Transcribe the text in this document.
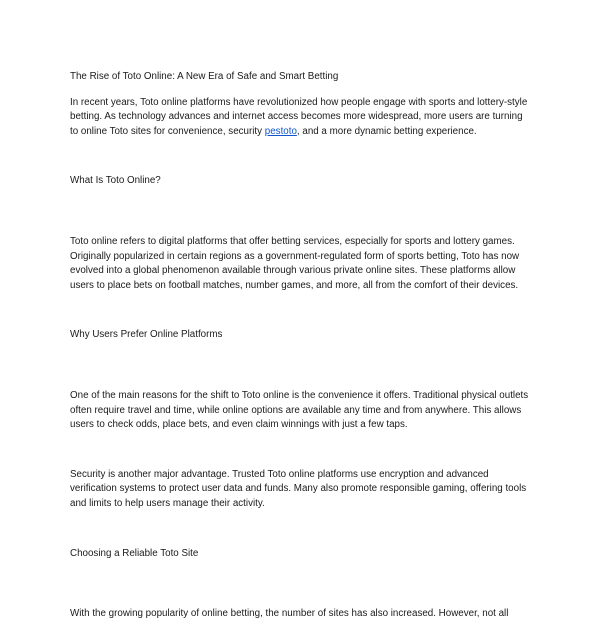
The Rise of Toto Online: A New Era of Safe and Smart Betting

In recent years, Toto online platforms have revolutionized how people engage with sports and lottery-style betting. As technology advances and internet access becomes more widespread, more users are turning to online Toto sites for convenience, security pestoto, and a more dynamic betting experience.

What Is Toto Online?

Toto online refers to digital platforms that offer betting services, especially for sports and lottery games. Originally popularized in certain regions as a government-regulated form of sports betting, Toto has now evolved into a global phenomenon available through various private online sites. These platforms allow users to place bets on football matches, number games, and more, all from the comfort of their devices.

Why Users Prefer Online Platforms

One of the main reasons for the shift to Toto online is the convenience it offers. Traditional physical outlets often require travel and time, while online options are available any time and from anywhere. This allows users to check odds, place bets, and even claim winnings with just a few taps.

Security is another major advantage. Trusted Toto online platforms use encryption and advanced verification systems to protect user data and funds. Many also promote responsible gaming, offering tools and limits to help users manage their activity.

Choosing a Reliable Toto Site

With the growing popularity of online betting, the number of sites has also increased. However, not all
